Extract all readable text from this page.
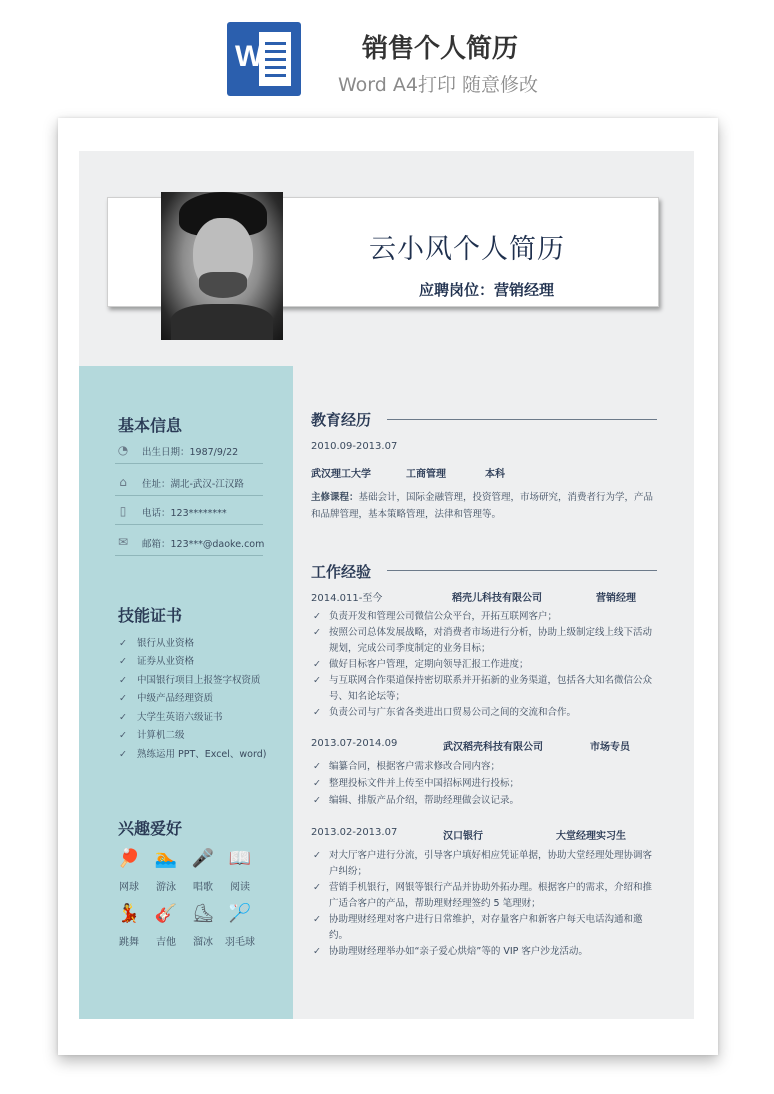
W	销售个人简历
Word A4打印 随意修改
云小风个人简历
应聘岗位：营销经理
基本信息
◔ 出生日期：1987/9/22
⌂	住址：湖北-武汉-江汉路
▯	电话：123********
✉	邮箱：123***@daoke.com
技能证书
✓ 银行从业资格
✓ 证券从业资格
✓ 中国银行项目上报签字权资质
✓ 中级产品经理资质
✓ 大学生英语六级证书
✓ 计算机二级
✓ 熟练运用 PPT、Excel、word)
兴趣爱好
🏓
网球
🏊
游泳
🎤
唱歌
📖
阅读
💃
跳舞
🎸
吉他
⛸
溜冰
🏸
羽毛球
教育经历
2010.09-2013.07
武汉理工大学	工商管理	本科
主修课程：基础会计，国际金融管理，投资管理，市场研究，消费者行为学，产品和品牌管理，基本策略管理，法律和管理等。
工作经验
2014.011-至今	稻壳儿科技有限公司	营销经理
✓ 负责开发和管理公司微信公众平台，开拓互联网客户；
✓ 按照公司总体发展战略，对消费者市场进行分析，协助上级制定线上线下活动规划，完成公司季度制定的业务目标；
✓ 做好目标客户管理，定期向领导汇报工作进度；
✓ 与互联网合作渠道保持密切联系并开拓新的业务渠道，包括各大知名微信公众号、知名论坛等；
✓ 负责公司与广东省各类进出口贸易公司之间的交流和合作。
2013.07-2014.09	武汉稻壳科技有限公司	市场专员
✓ 编纂合同，根据客户需求修改合同内容；
✓ 整理投标文件并上传至中国招标网进行投标；
✓ 编辑、排版产品介绍，帮助经理做会议记录。
2013.02-2013.07	汉口银行	大堂经理实习生
✓ 对大厅客户进行分流，引导客户填好相应凭证单据，协助大堂经理处理协调客户纠纷；
✓ 营销手机银行，网银等银行产品并协助外拓办理。根据客户的需求，介绍和推广适合客户的产品，帮助理财经理签约 5 笔理财；
✓ 协助理财经理对客户进行日常维护，对存量客户和新客户每天电话沟通和邀约。
✓ 协助理财经理举办如“亲子爱心烘焙”等的 VIP 客户沙龙活动。
